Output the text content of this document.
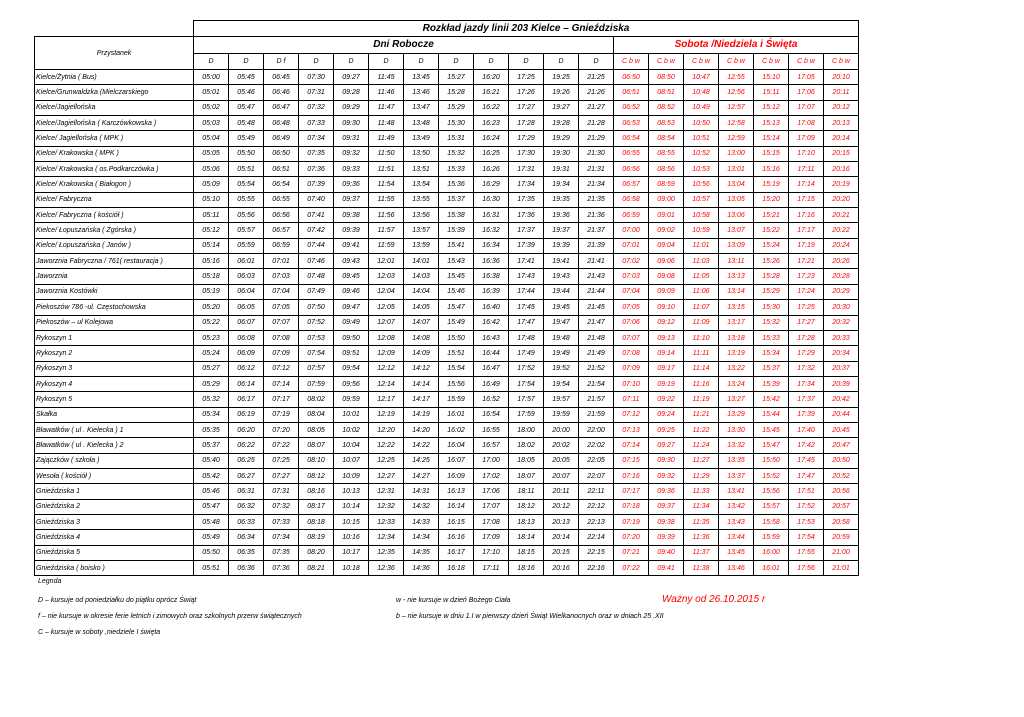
	Rozkład jazdy linii 203 Kielce – Gnieździska																		
Przystanek	Dni Robocze												Sobota /Niedziela i Święta						
	D	D	D f	D	D	D	D	D	D	D	D	D	C b w	C b w	C b w	C b w	C b w	C b w	C b w
Kielce/Żytnia ( Bus)	05:00	05:45	06:45	07:30	09:27	11:45	13:45	15:27	16:20	17:25	19:25	21:25	06:50	08:50	10:47	12:55	15:10	17:05	20:10
Kielce/Grunwaldzka (Mielczarskiego	05:01	05:46	06:46	07:31	09:28	11:46	13:46	15:28	16:21	17:26	19:26	21:26	06:51	08:51	10:48	12:56	15:11	17:06	20:11
Kielce/Jagiellońska	05:02	05:47	06:47	07:32	09:29	11:47	13:47	15:29	16:22	17:27	19:27	21:27	06:52	08:52	10:49	12:57	15:12	17:07	20:12
Kielce/Jagiellońska ( Karczówkowska )	05:03	05:48	06:48	07:33	09:30	11:48	13:48	15:30	16:23	17:28	19:28	21:28	06:53	08:53	10:50	12:58	15:13	17:08	20:13
Kielce/ Jagiellońska ( MPK )	05:04	05:49	06:49	07:34	09:31	11:49	13:49	15:31	16:24	17:29	19:29	21:29	06:54	08:54	10:51	12:59	15:14	17:09	20:14
Kielce/ Krakowska ( MPK )	05:05	05:50	06:50	07:35	09:32	11:50	13:50	15:32	16:25	17:30	19:30	21:30	06:55	08:55	10:52	13:00	15:15	17:10	20:15
Kielce/ Krakowska ( os.Podkarczówka )	05:06	05:51	06:51	07:36	09:33	11:51	13:51	15:33	16:26	17:31	19:31	21:31	06:56	08:56	10:53	13:01	15:16	17:11	20:16
Kielce/ Krakowska ( Białogon )	05:09	05:54	06:54	07:39	09:36	11:54	13:54	15:36	16:29	17:34	19:34	21:34	06:57	08:59	10:56	13:04	15:19	17:14	20:19
Kielce/ Fabryczna	05:10	05:55	06:55	07:40	09:37	11:55	13:55	15:37	16:30	17:35	19:35	21:35	06:58	09:00	10:57	13:05	15:20	17:15	20:20
Kielce/ Fabryczna ( kościół )	05:11	05:56	06:56	07:41	09:38	11:56	13:56	15:38	16:31	17:36	19:36	21:36	06:59	09:01	10:58	13:06	15:21	17:16	20:21
Kielce/ Łopuszańska ( Zgórska )	05:12	05:57	06:57	07:42	09:39	11:57	13:57	15:39	16:32	17:37	19:37	21:37	07:00	09:02	10:59	13:07	15:22	17:17	20:22
Kielce/ Łopuszańska ( Janów )	05:14	05:59	06:59	07:44	09:41	11:59	13:59	15:41	16:34	17:39	19:39	21:39	07:01	09:04	11:01	13:09	15:24	17:19	20:24
Jaworznia Fabryczna / 761( restauracja )	05:16	06:01	07:01	07:46	09:43	12:01	14:01	15:43	16:36	17:41	19:41	21:41	07:02	09:06	11:03	13:11	15:26	17:21	20:26
Jaworznia	05:18	06:03	07:03	07:48	09:45	12:03	14:03	15:45	16:38	17:43	19:43	21:43	07:03	09:08	11:05	13:13	15:28	17:23	20:28
Jaworznia Kostówki	05:19	06:04	07:04	07:49	09:46	12:04	14:04	15:46	16:39	17:44	19:44	21:44	07:04	09:09	11:06	13:14	15:29	17:24	20:29
Piekoszów 786 -ul. Częstochowska	05:20	06:05	07:05	07:50	09:47	12:05	14:05	15:47	16:40	17:45	19:45	21:45	07:05	09:10	11:07	13:15	15:30	17:25	20:30
Piekoszów – ul Kolejowa	05:22	06:07	07:07	07:52	09:49	12:07	14:07	15:49	16:42	17:47	19:47	21:47	07:06	09:12	11:09	13:17	15:32	17:27	20:32
Rykoszyn 1	05:23	06:08	07:08	07:53	09:50	12:08	14:08	15:50	16:43	17:48	19:48	21:48	07:07	09:13	11:10	13:18	15:33	17:28	20:33
Rykoszyn 2	05:24	06:09	07:09	07:54	09:51	12:09	14:09	15:51	16:44	17:49	19:49	21:49	07:08	09:14	11:11	13:19	15:34	17:29	20:34
Rykoszyn 3	05:27	06:12	07:12	07:57	09:54	12:12	14:12	15:54	16:47	17:52	19:52	21:52	07:09	09:17	11:14	13:22	15:37	17:32	20:37
Rykoszyn 4	05:29	06:14	07:14	07:59	09:56	12:14	14:14	15:56	16:49	17:54	19:54	21:54	07:10	09:19	11:16	13:24	15:39	17:34	20:39
Rykoszyn 5	05:32	06:17	07:17	08:02	09:59	12:17	14:17	15:59	16:52	17:57	19:57	21:57	07:11	09:22	11:19	13:27	15:42	17:37	20:42
Skałka	05:34	06:19	07:19	08:04	10:01	12:19	14:19	16:01	16:54	17:59	19:59	21:59	07:12	09:24	11:21	13:29	15:44	17:39	20:44
Bławatków ( ul . Kielecka ) 1	05:35	06:20	07:20	08:05	10:02	12:20	14:20	16:02	16:55	18:00	20:00	22:00	07:13	09:25	11:22	13:30	15:45	17:40	20:45
Bławatków ( ul . Kielecka ) 2	05:37	06:22	07:22	08:07	10:04	12:22	14:22	16:04	16:57	18:02	20:02	22:02	07:14	09:27	11:24	13:32	15:47	17:42	20:47
Zajączków ( szkoła )	05:40	06:25	07:25	08:10	10:07	12:25	14:25	16:07	17:00	18:05	20:05	22:05	07:15	09:30	11:27	13:35	15:50	17:45	20:50
Wesoła ( kościół )	05:42	06:27	07:27	08:12	10:09	12:27	14:27	16:09	17:02	18:07	20:07	22:07	07:16	09:32	11:29	13:37	15:52	17:47	20:52
Gnieździska 1	05:46	06:31	07:31	08:16	10:13	12:31	14:31	16:13	17:06	18:11	20:11	22:11	07:17	09:36	11:33	13:41	15:56	17:51	20:56
Gnieździska 2	05:47	06:32	07:32	08:17	10:14	12:32	14:32	16:14	17:07	18:12	20:12	22:12	07:18	09:37	11:34	13:42	15:57	17:52	20:57
Gnieździska 3	05:48	06:33	07:33	08:18	10:15	12:33	14:33	16:15	17:08	18:13	20:13	22:13	07:19	09:38	11:35	13:43	15:58	17:53	20:58
Gnieździska 4	05:49	06:34	07:34	08:19	10:16	12:34	14:34	16:16	17:09	18:14	20:14	22:14	07:20	09:39	11:36	13:44	15:59	17:54	20:59
Gnieździska 5	05:50	06:35	07:35	08:20	10:17	12:35	14:35	16:17	17:10	18:15	20:15	22:15	07:21	09:40	11:37	13:45	16:00	17:55	21:00
Gnieździska ( boisko )	05:51	06:36	07:36	08:21	10:18	12:36	14:36	16:18	17:11	18:16	20:16	22:16	07:22	09:41	11:38	13:46	16:01	17:56	21:01
Legnda
D – kursuje od poniedziałku do piątku oprócz Świąt
f – nie kursuje w okresie ferie letnich i zimowych oraz szkolnych przerw świątecznych
C – kursuje w soboty ,niedziele I święta
w - nie kursuje w dzień Bożego Ciała
b – nie kursuje w dniu 1.I w pierwszy dzień Świąt Wielkanocnych oraz w dniach 25 .XII
Ważny od 26.10.2015 r
